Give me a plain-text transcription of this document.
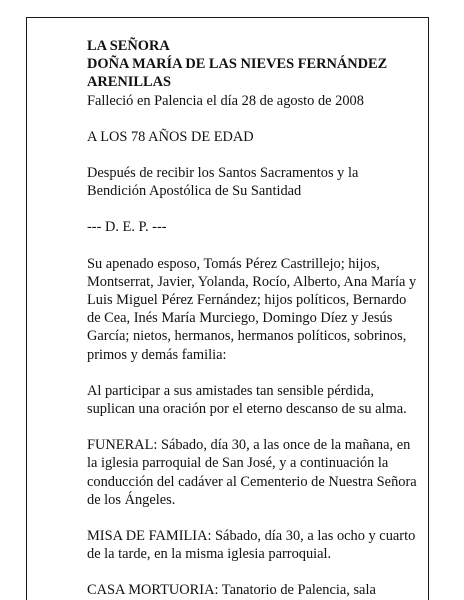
LA SEÑORA

DOÑA MARÍA DE LAS NIEVES FERNÁNDEZ

ARENILLAS

Falleció en Palencia el día 28 de agosto de 2008

A LOS 78 AÑOS DE EDAD

Después de recibir los Santos Sacramentos y la Bendición Apostólica de Su Santidad

--- D. E. P. ---

Su apenado esposo, Tomás Pérez Castrillejo; hijos, Montserrat, Javier, Yolanda, Rocío, Alberto, Ana María y Luis Miguel Pérez Fernández; hijos políticos, Bernardo de Cea, Inés María Murciego, Domingo Díez y Jesús García; nietos, hermanos, hermanos políticos, sobrinos, primos y demás familia:

Al participar a sus amistades tan sensible pérdida, suplican una oración por el eterno descanso de su alma.

FUNERAL: Sábado, día 30, a las once de la mañana, en la iglesia parroquial de San José, y a continuación la conducción del cadáver al Cementerio de Nuestra Señora de los Ángeles.

MISA DE FAMILIA: Sábado, día 30, a las ocho y cuarto de la tarde, en la misma iglesia parroquial.

CASA MORTUORIA: Tanatorio de Palencia, sala
